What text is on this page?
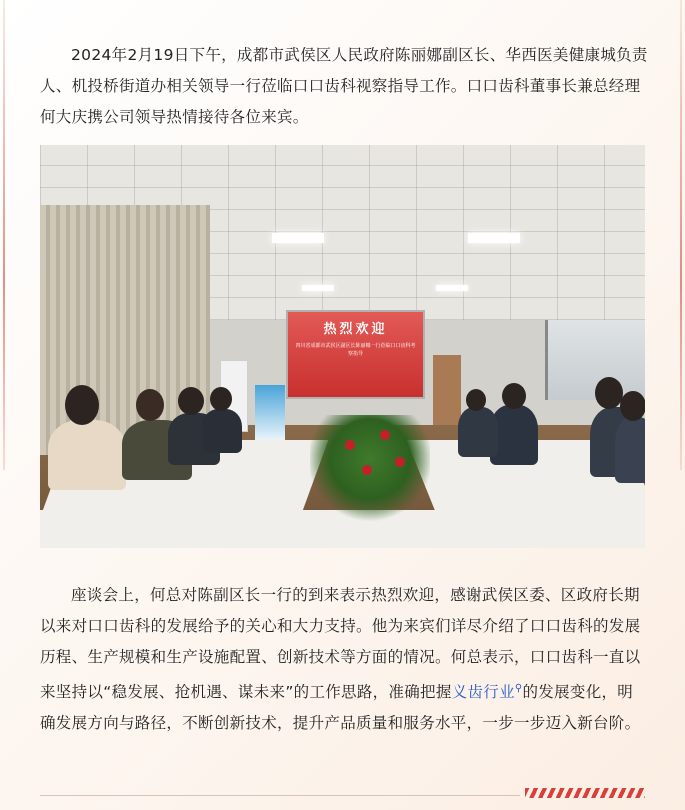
2024年2月19日下午，成都市武侯区人民政府陈丽娜副区长、华西医美健康城负责人、机投桥街道办相关领导一行莅临口口齿科视察指导工作。口口齿科董事长兼总经理何大庆携公司领导热情接待各位来宾。

热烈欢迎
四川省成都市武侯区副区长陈丽娜一行莅临口口齿科考察指导

座谈会上，何总对陈副区长一行的到来表示热烈欢迎，感谢武侯区委、区政府长期以来对口口齿科的发展给予的关心和大力支持。他为来宾们详尽介绍了口口齿科的发展历程、生产规模和生产设施配置、创新技术等方面的情况。何总表示，口口齿科一直以来坚持以“稳发展、抢机遇、谋未来”的工作思路，准确把握义齿行业⚲的发展变化，明确发展方向与路径，不断创新技术，提升产品质量和服务水平，一步一步迈入新台阶。
